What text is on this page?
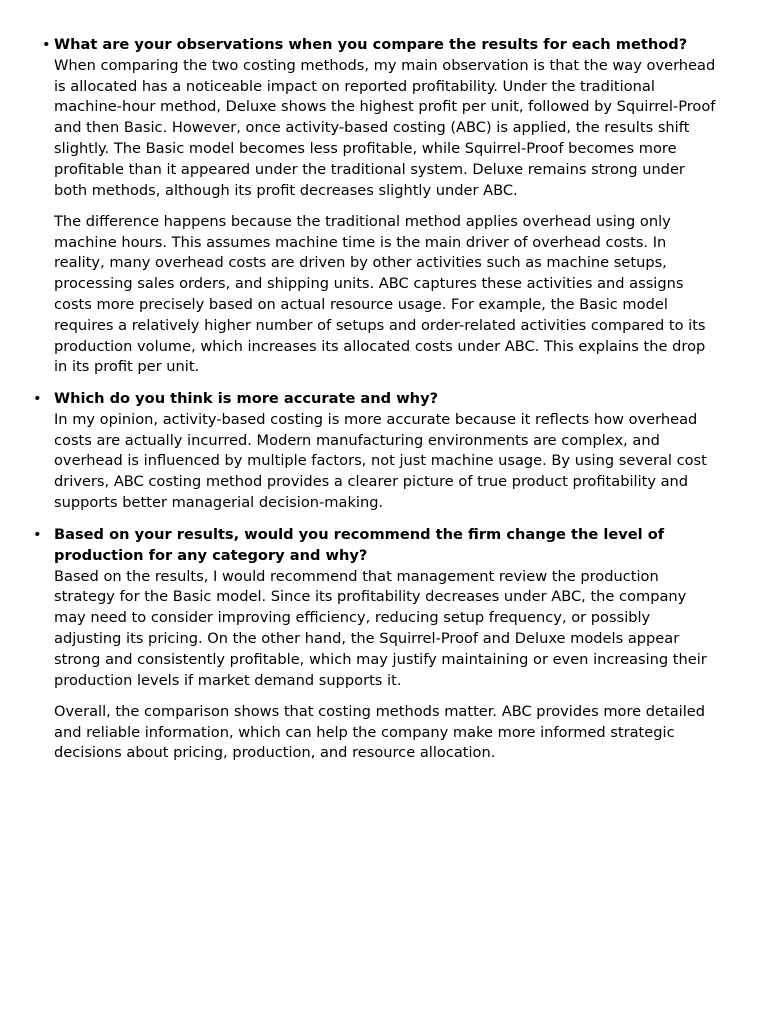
• What are your observations when you compare the results for each method?

When comparing the two costing methods, my main observation is that the way overhead is allocated has a noticeable impact on reported profitability. Under the traditional machine-hour method, Deluxe shows the highest profit per unit, followed by Squirrel-Proof and then Basic. However, once activity-based costing (ABC) is applied, the results shift slightly. The Basic model becomes less profitable, while Squirrel-Proof becomes more profitable than it appeared under the traditional system. Deluxe remains strong under both methods, although its profit decreases slightly under ABC.

The difference happens because the traditional method applies overhead using only machine hours. This assumes machine time is the main driver of overhead costs. In reality, many overhead costs are driven by other activities such as machine setups, processing sales orders, and shipping units. ABC captures these activities and assigns costs more precisely based on actual resource usage. For example, the Basic model requires a relatively higher number of setups and order-related activities compared to its production volume, which increases its allocated costs under ABC. This explains the drop in its profit per unit.

• Which do you think is more accurate and why?

In my opinion, activity-based costing is more accurate because it reflects how overhead costs are actually incurred. Modern manufacturing environments are complex, and overhead is influenced by multiple factors, not just machine usage. By using several cost drivers, ABC costing method provides a clearer picture of true product profitability and supports better managerial decision-making.

• Based on your results, would you recommend the firm change the level of production for any category and why?

Based on the results, I would recommend that management review the production strategy for the Basic model. Since its profitability decreases under ABC, the company may need to consider improving efficiency, reducing setup frequency, or possibly adjusting its pricing. On the other hand, the Squirrel-Proof and Deluxe models appear strong and consistently profitable, which may justify maintaining or even increasing their production levels if market demand supports it.

Overall, the comparison shows that costing methods matter. ABC provides more detailed and reliable information, which can help the company make more informed strategic decisions about pricing, production, and resource allocation.
